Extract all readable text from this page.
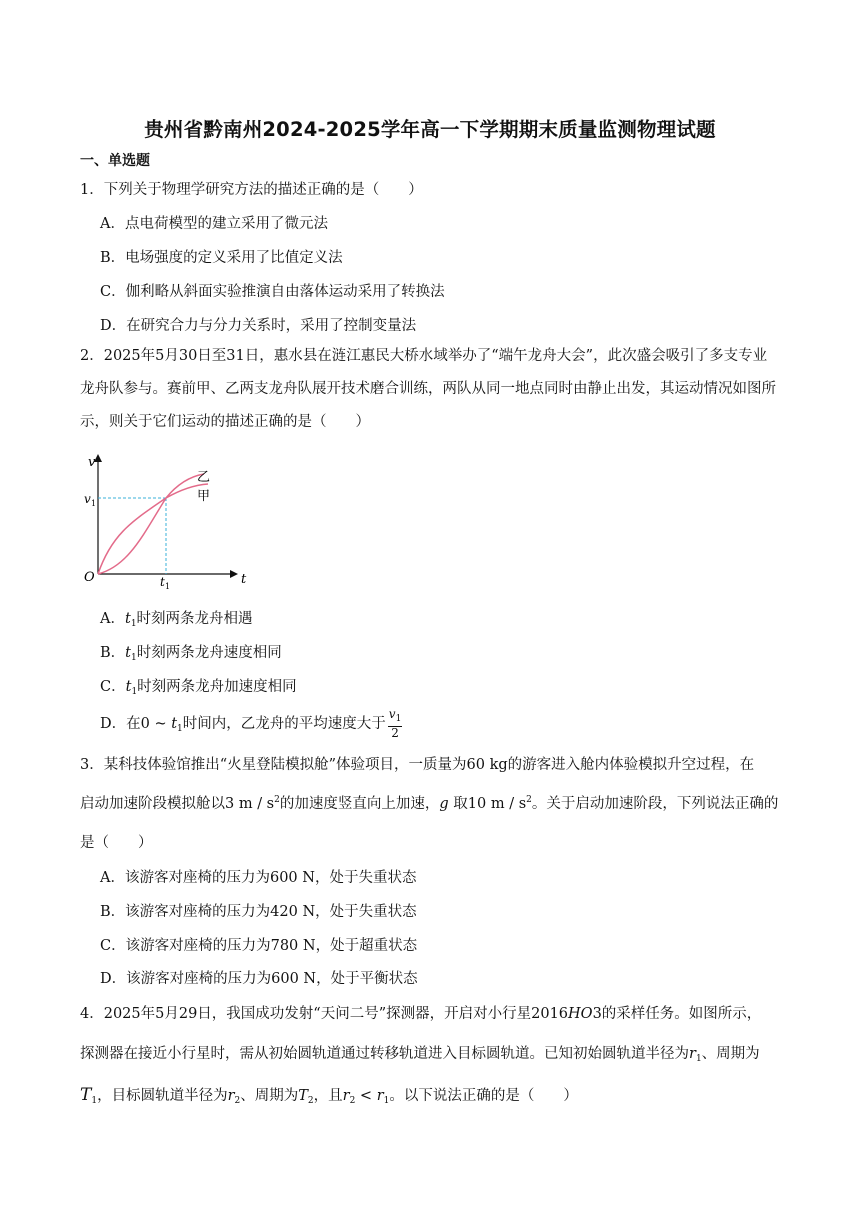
贵州省黔南州2024-2025学年高一下学期期末质量监测物理试题
一、单选题
1．下列关于物理学研究方法的描述正确的是（　　）
A．点电荷模型的建立采用了微元法
B．电场强度的定义采用了比值定义法
C．伽利略从斜面实验推演自由落体运动采用了转换法
D．在研究合力与分力关系时，采用了控制变量法
2．2025年5月30日至31日，惠水县在涟江惠民大桥水域举办了“端午龙舟大会”，此次盛会吸引了多支专业龙舟队参与。赛前甲、乙两支龙舟队展开技术磨合训练，两队从同一地点同时由静止出发，其运动情况如图所示，则关于它们运动的描述正确的是（　　）
v
t
O
v 1
t 1
乙
甲
A．$t_1$时刻两条龙舟相遇
B．$t_1$时刻两条龙舟速度相同
C．$t_1$时刻两条龙舟加速度相同
D．在0 ~ $t_1$时间内，乙龙舟的平均速度大于 $\frac{v_1}{2}$
3．某科技体验馆推出“火星登陆模拟舱”体验项目，一质量为60 kg的游客进入舱内体验模拟升空过程，在
启动加速阶段模拟舱以3 m / $s^2$的加速度竖直向上加速，g 取10 m / $s^2$。关于启动加速阶段，下列说法正确的
是（　　）
A．该游客对座椅的压力为600 N，处于失重状态
B．该游客对座椅的压力为420 N，处于失重状态
C．该游客对座椅的压力为780 N，处于超重状态
D．该游客对座椅的压力为600 N，处于平衡状态
4．2025年5月29日，我国成功发射“天问二号”探测器，开启对小行星2016HO3的采样任务。如图所示，
探测器在接近小行星时，需从初始圆轨道通过转移轨道进入目标圆轨道。已知初始圆轨道半径为$r_1$、周期为
$T_1$，目标圆轨道半径为$r_2$、周期为$T_2$，且$r_2 < r_1$。以下说法正确的是（　　）
